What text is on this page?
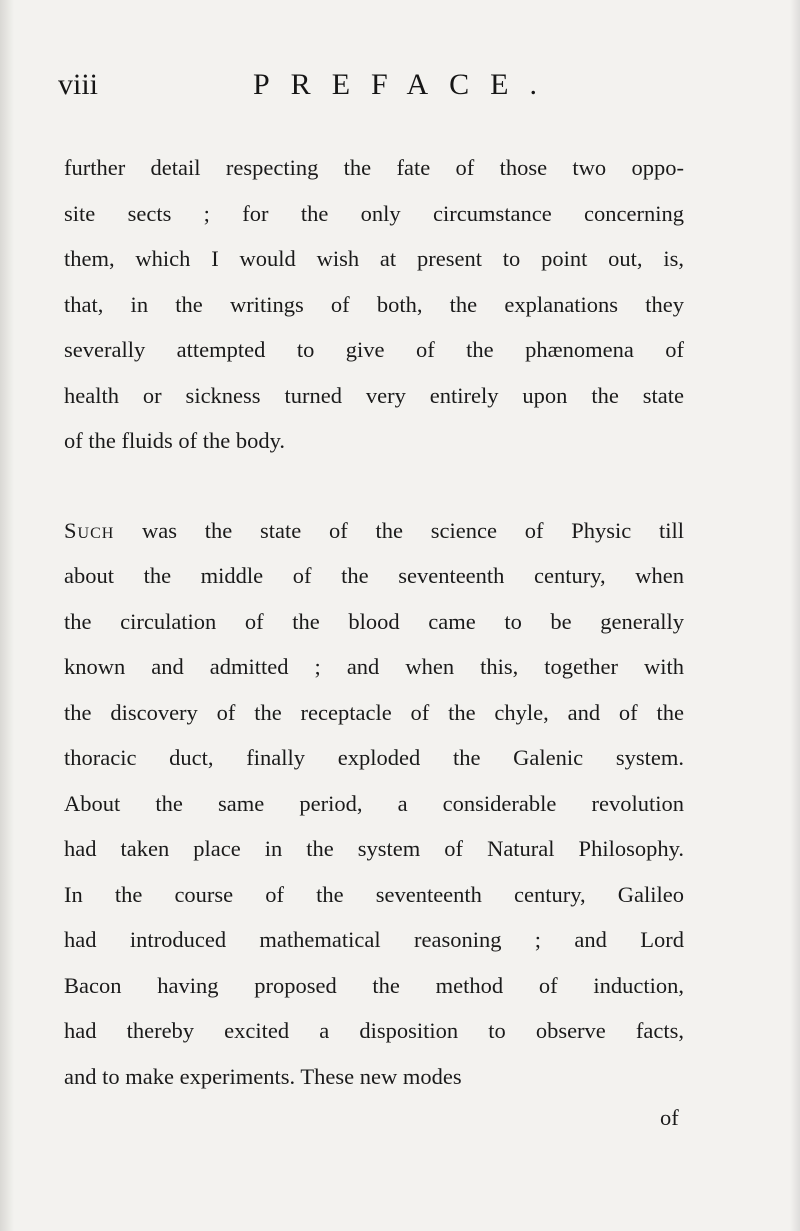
viii	PREFACE.

further detail respecting the fate of those two oppo-
site sects ; for the only circumstance concerning
them, which I would wish at present to point out, is,
that, in the writings of both, the explanations they
severally attempted to give of the phænomena of
health or sickness turned very entirely upon the state
of the fluids of the body.

Such was the state of the science of Physic till
about the middle of the seventeenth century, when
the circulation of the blood came to be generally
known and admitted ; and when this, together with
the discovery of the receptacle of the chyle, and of the
thoracic duct, finally exploded the Galenic system.
About the same period, a considerable revolution
had taken place in the system of Natural Philosophy.
In the course of the seventeenth century, Galileo
had introduced mathematical reasoning ; and Lord
Bacon having proposed the method of induction,
had thereby excited a disposition to observe facts,
and to make experiments. These new modes

of
